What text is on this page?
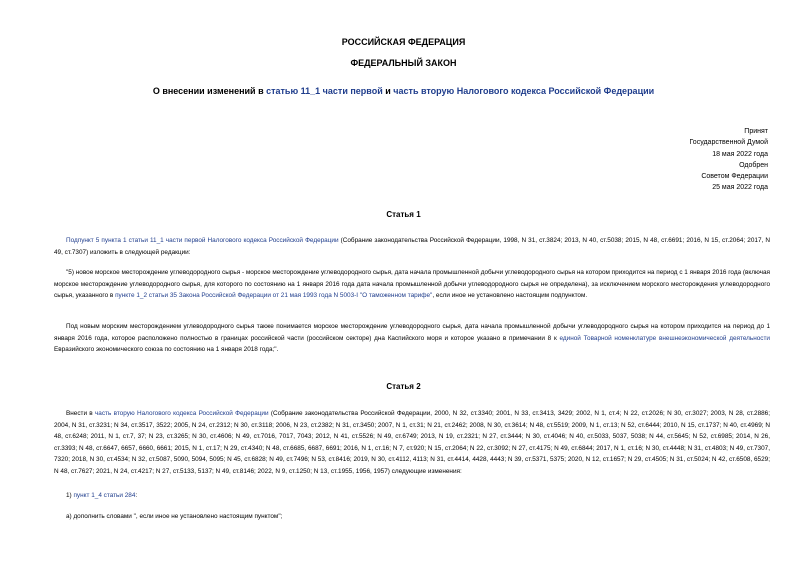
РОССИЙСКАЯ ФЕДЕРАЦИЯ
ФЕДЕРАЛЬНЫЙ ЗАКОН
О внесении изменений в статью 11_1 части первой и часть вторую Налогового кодекса Российской Федерации
Принят
Государственной Думой
18 мая 2022 года
Одобрен
Советом Федерации
25 мая 2022 года
Статья 1
Подпункт 5 пункта 1 статьи 11_1 части первой Налогового кодекса Российской Федерации (Собрание законодательства Российской Федерации, 1998, N 31, ст.3824; 2013, N 40, ст.5038; 2015, N 48, ст.6691; 2016, N 15, ст.2064; 2017, N 49, ст.7307) изложить в следующей редакции:
"5) новое морское месторождение углеводородного сырья - морское месторождение углеводородного сырья, дата начала промышленной добычи углеводородного сырья на котором приходится на период с 1 января 2016 года (включая морское месторождение углеводородного сырья, для которого по состоянию на 1 января 2016 года дата начала промышленной добычи углеводородного сырья не определена), за исключением морского месторождения углеводородного сырья, указанного в пункте 1_2 статьи 35 Закона Российской Федерации от 21 мая 1993 года N 5003-I "О таможенном тарифе", если иное не установлено настоящим подпунктом.
Под новым морским месторождением углеводородного сырья также понимается морское месторождение углеводородного сырья, дата начала промышленной добычи углеводородного сырья на котором приходится на период до 1 января 2016 года, которое расположено полностью в границах российской части (российском секторе) дна Каспийского моря и которое указано в примечании 8 к единой Товарной номенклатуре внешнеэкономической деятельности Евразийского экономического союза по состоянию на 1 января 2018 года;".
Статья 2
Внести в часть вторую Налогового кодекса Российской Федерации (Собрание законодательства Российской Федерации, 2000, N 32, ст.3340; 2001, N 33, ст.3413, 3429; 2002, N 1, ст.4; N 22, ст.2026; N 30, ст.3027; 2003, N 28, ст.2886; 2004, N 31, ст.3231; N 34, ст.3517, 3522; 2005, N 24, ст.2312; N 30, ст.3118; 2006, N 23, ст.2382; N 31, ст.3450; 2007, N 1, ст.31; N 21, ст.2462; 2008, N 30, ст.3614; N 48, ст.5519; 2009, N 1, ст.13; N 52, ст.6444; 2010, N 15, ст.1737; N 40, ст.4969; N 48, ст.6248; 2011, N 1, ст.7, 37; N 23, ст.3265; N 30, ст.4606; N 49, ст.7016, 7017, 7043; 2012, N 41, ст.5526; N 49, ст.6749; 2013, N 19, ст.2321; N 27, ст.3444; N 30, ст.4046; N 40, ст.5033, 5037, 5038; N 44, ст.5645; N 52, ст.6985; 2014, N 26, ст.3393; N 48, ст.6647, 6657, 6660, 6661; 2015, N 1, ст.17; N 29, ст.4340; N 48, ст.6685, 6687, 6691; 2016, N 1, ст.16; N 7, ст.920; N 15, ст.2064; N 22, ст.3092; N 27, ст.4175; N 49, ст.6844; 2017, N 1, ст.16; N 30, ст.4448; N 31, ст.4803; N 49, ст.7307, 7320; 2018, N 30, ст.4534; N 32, ст.5087, 5090, 5094, 5095; N 45, ст.6828; N 49, ст.7496; N 53, ст.8416; 2019, N 30, ст.4112, 4113; N 31, ст.4414, 4428, 4443; N 39, ст.5371, 5375; 2020, N 12, ст.1657; N 29, ст.4505; N 31, ст.5024; N 42, ст.6508, 6529; N 48, ст.7627; 2021, N 24, ст.4217; N 27, ст.5133, 5137; N 49, ст.8146; 2022, N 9, ст.1250; N 13, ст.1955, 1956, 1957) следующие изменения:
1) пункт 1_4 статьи 284:
а) дополнить словами ", если иное не установлено настоящим пунктом";
